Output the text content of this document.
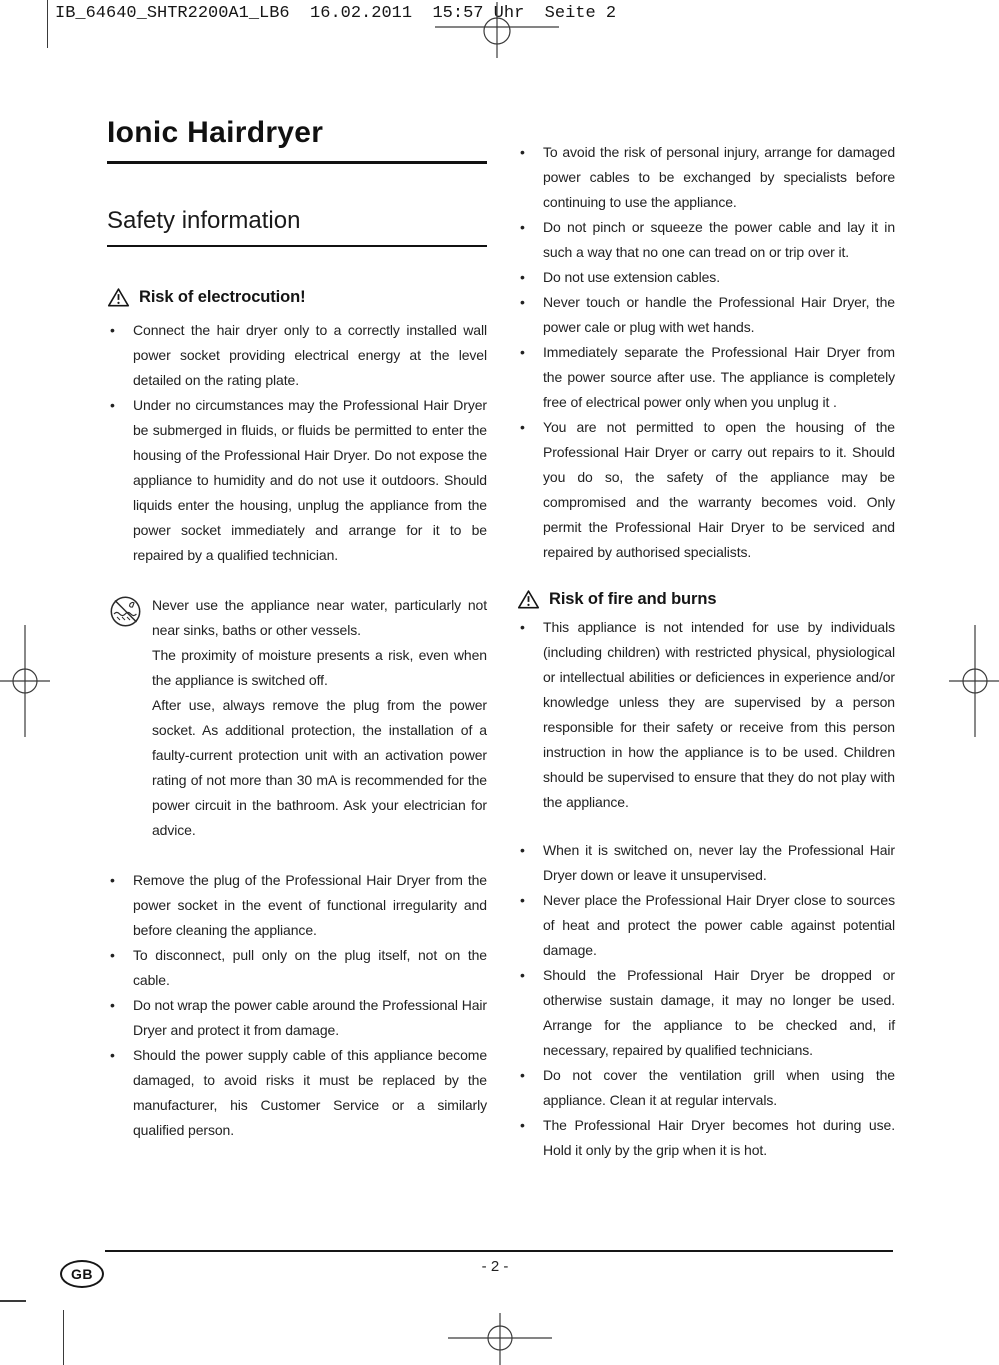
IB_64640_SHTR2200A1_LB6  16.02.2011  15:57 Uhr  Seite 2
Ionic Hairdryer
Safety information
Risk of electrocution!
• Connect the hair dryer only to a correctly installed wall power socket providing electrical energy at the level detailed on the rating plate.
• Under no circumstances may the Professional Hair Dryer be submerged in fluids, or fluids be permitted to enter the housing of the Professional Hair Dryer. Do not expose the appliance to humidity and do not use it outdoors. Should liquids enter the housing, unplug the appliance from the power socket immediately and arrange for it to be repaired by a qualified technician.
Never use the appliance near water, particularly not near sinks, baths or other vessels.
The proximity of moisture presents a risk, even when the appliance is switched off.
After use, always remove the plug from the power socket. As additional protection, the installation of a faulty-current protection unit with an activation power rating of not more than 30 mA is recommended for the power circuit in the bathroom. Ask your electrician for advice.
• Remove the plug of the Professional Hair Dryer from the power socket in the event of functional irregularity and before cleaning the appliance.
• To disconnect, pull only on the plug itself, not on the cable.
• Do not wrap the power cable around the Professional Hair Dryer and protect it from damage.
• Should the power supply cable of this appliance become damaged, to avoid risks it must be replaced by the manufacturer, his Customer Service or a similarly qualified person.
• To avoid the risk of personal injury, arrange for damaged power cables to be exchanged by specialists before continuing to use the appliance.
• Do not pinch or squeeze the power cable and lay it in such a way that no one can tread on or trip over it.
• Do not use extension cables.
• Never touch or handle the Professional Hair Dryer, the power cale or plug with wet hands.
• Immediately separate the Professional Hair Dryer from the power source after use. The appliance is completely free of electrical power only when you unplug it .
• You are not permitted to open the housing of the Professional Hair Dryer or carry out repairs to it. Should you do so, the safety of the appliance may be compromised and the warranty becomes void. Only permit the Professional Hair Dryer to be serviced and repaired by authorised specialists.
Risk of fire and burns
• This appliance is not intended for use by individuals (including children) with restricted physical, physiological or intellectual abilities or deficiences in experience and/or knowledge unless they are supervised by a person responsible for their safety or receive from this person instruction in how the appliance is to be used. Children should be supervised to ensure that they do not play with the appliance.
• When it is switched on, never lay the Professional Hair Dryer down or leave it unsupervised.
• Never place the Professional Hair Dryer close to sources of heat and protect the power cable against potential damage.
• Should the Professional Hair Dryer be dropped or otherwise sustain damage, it may no longer be used. Arrange for the appliance to be checked and, if necessary, repaired by qualified technicians.
• Do not cover the ventilation grill when using the appliance. Clean it at regular intervals.
• The Professional Hair Dryer becomes hot during use. Hold it only by the grip when it is hot.
GB	- 2 -
